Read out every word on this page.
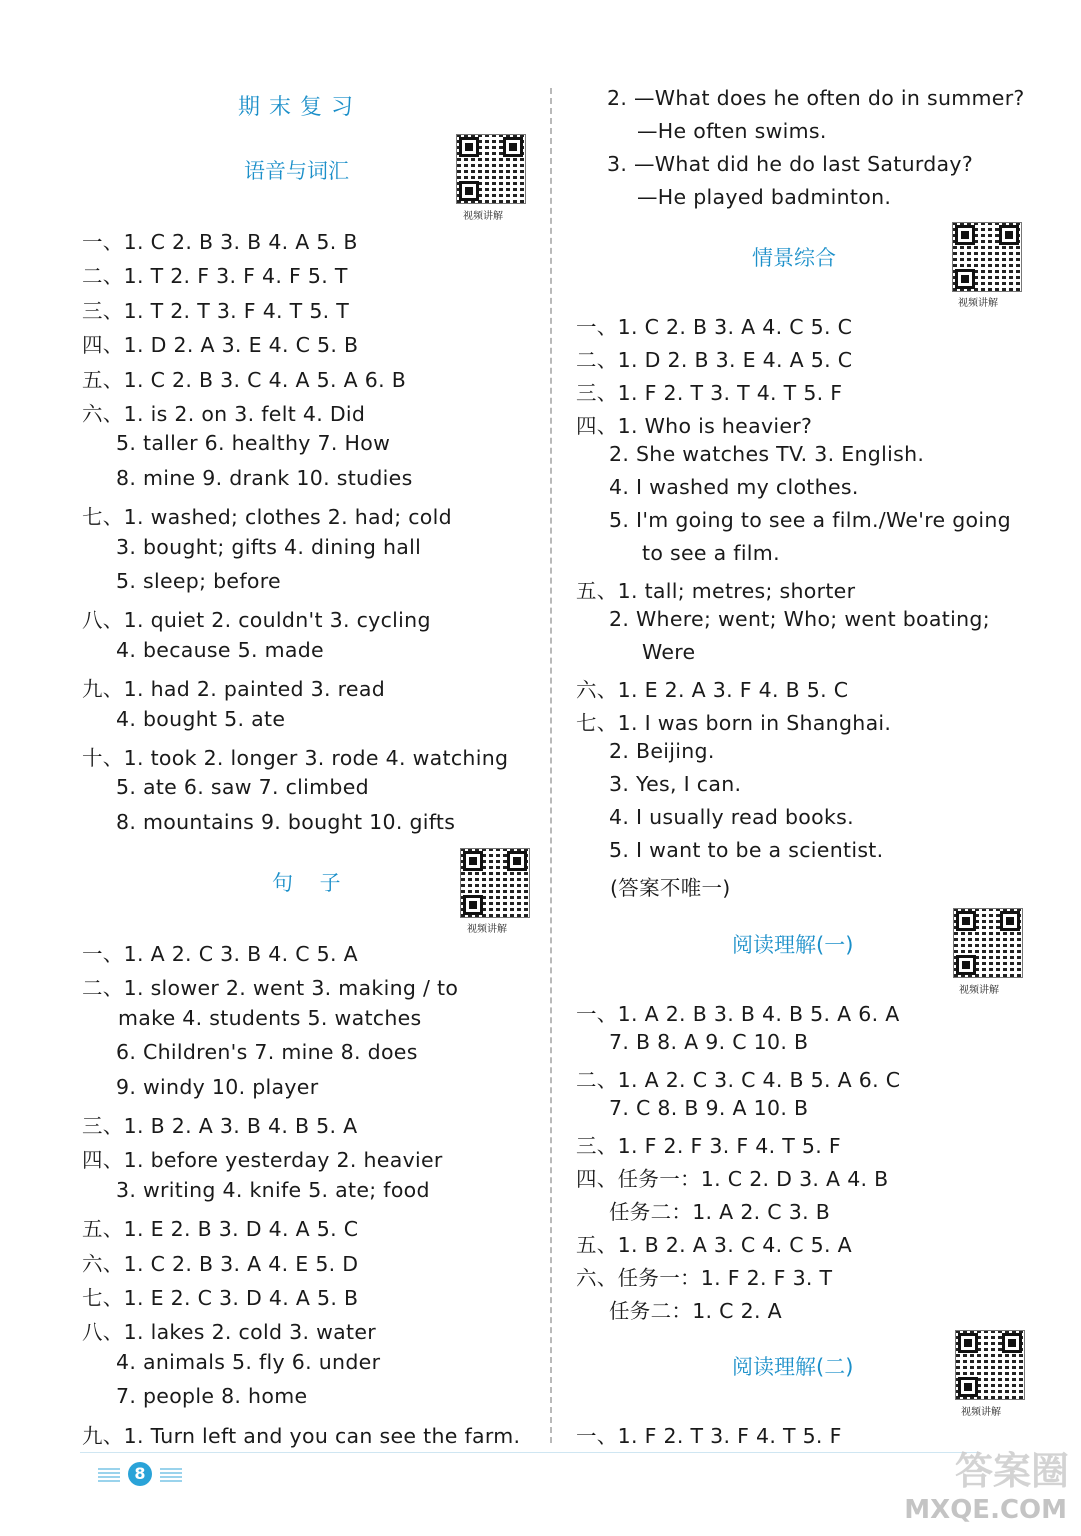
期末复习
语音与词汇
视频讲解
一、1. C 2. B 3. B 4. A 5. B
二、1. T 2. F 3. F 4. F 5. T
三、1. T 2. T 3. F 4. T 5. T
四、1. D 2. A 3. E 4. C 5. B
五、1. C 2. B 3. C 4. A 5. A 6. B
六、1. is 2. on 3. felt 4. Did
5. taller 6. healthy 7. How
8. mine 9. drank 10. studies
七、1. washed; clothes 2. had; cold
3. bought; gifts 4. dining hall
5. sleep; before
八、1. quiet 2. couldn't 3. cycling
4. because 5. made
九、1. had 2. painted 3. read
4. bought 5. ate
十、1. took 2. longer 3. rode 4. watching
5. ate 6. saw 7. climbed
8. mountains 9. bought 10. gifts
一、1. A 2. C 3. B 4. C 5. A
二、1. slower 2. went 3. making / to
make 4. students 5. watches
6. Children's 7. mine 8. does
9. windy 10. player
三、1. B 2. A 3. B 4. B 5. A
四、1. before yesterday 2. heavier
3. writing 4. knife 5. ate; food
五、1. E 2. B 3. D 4. A 5. C
六、1. C 2. B 3. A 4. E 5. D
七、1. E 2. C 3. D 4. A 5. B
八、1. lakes 2. cold 3. water
4. animals 5. fly 6. under
7. people 8. home
九、1. Turn left and you can see the farm.
句 子
视频讲解
情景综合
视频讲解
阅读理解(一)
视频讲解
阅读理解(二)
视频讲解
2. —What does he often do in summer?
—He often swims.
3. —What did he do last Saturday?
—He played badminton.
一、1. C 2. B 3. A 4. C 5. C
二、1. D 2. B 3. E 4. A 5. C
三、1. F 2. T 3. T 4. T 5. F
四、1. Who is heavier?
2. She watches TV. 3. English.
4. I washed my clothes.
5. I'm going to see a film./We're going
to see a film.
五、1. tall; metres; shorter
2. Where; went; Who; went boating;
Were
六、1. E 2. A 3. F 4. B 5. C
七、1. I was born in Shanghai.
2. Beijing.
3. Yes, I can.
4. I usually read books.
5. I want to be a scientist.
(答案不唯一)
一、1. A 2. B 3. B 4. B 5. A 6. A
7. B 8. A 9. C 10. B
二、1. A 2. C 3. C 4. B 5. A 6. C
7. C 8. B 9. A 10. B
三、1. F 2. F 3. F 4. T 5. F
四、任务一：1. C 2. D 3. A 4. B
任务二：1. A 2. C 3. B
五、1. B 2. A 3. C 4. C 5. A
六、任务一：1. F 2. F 3. T
任务二：1. C 2. A
一、1. F 2. T 3. F 4. T 5. F
8	答案圈
MXQE.COM
